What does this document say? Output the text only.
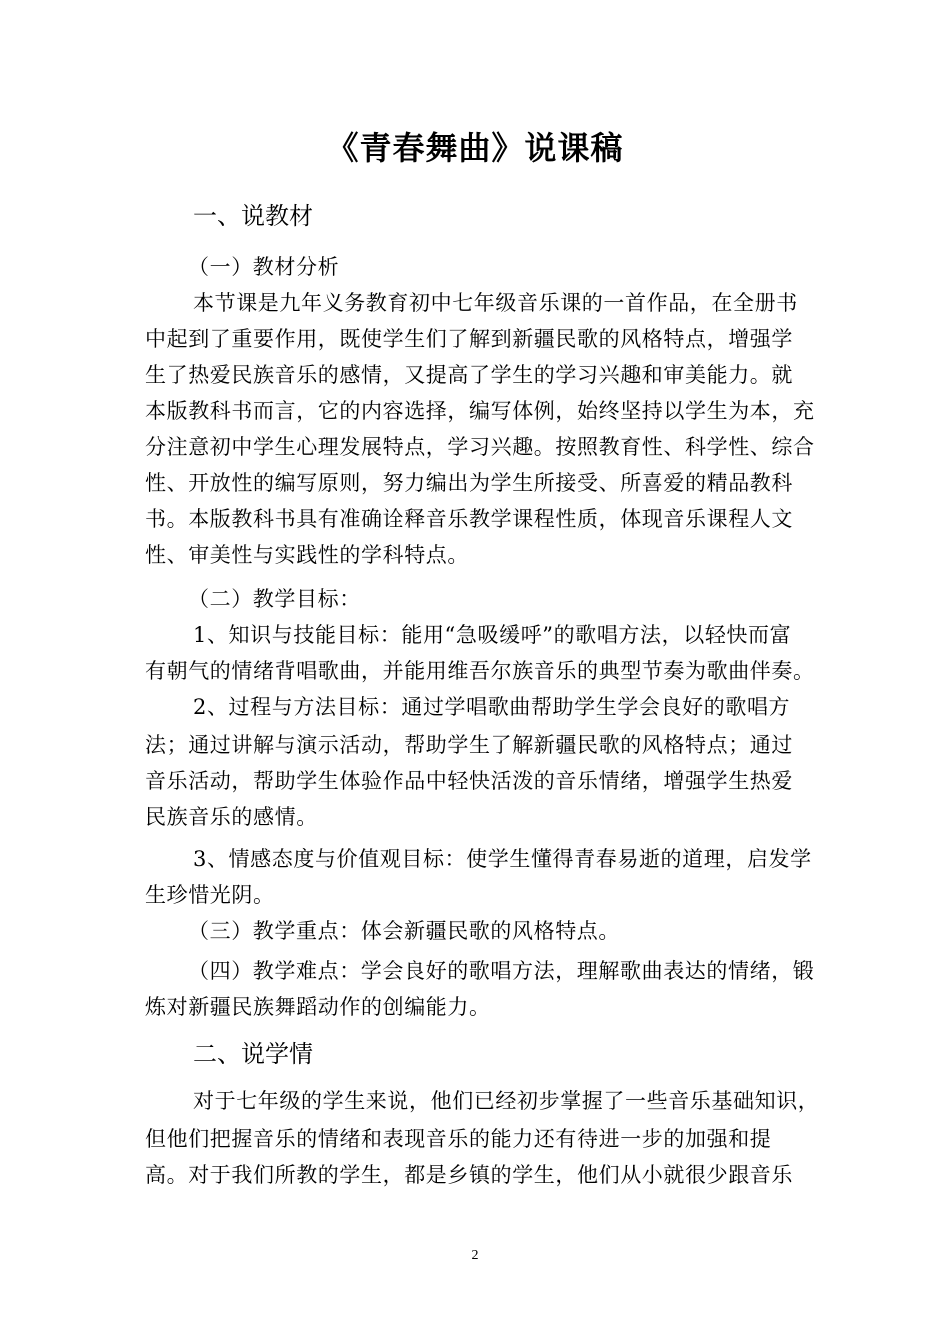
《青春舞曲》说课稿
一、说教材
（一）教材分析
本节课是九年义务教育初中七年级音乐课的一首作品，在全册书
中起到了重要作用，既使学生们了解到新疆民歌的风格特点，增强学
生了热爱民族音乐的感情，又提高了学生的学习兴趣和审美能力。就
本版教科书而言，它的内容选择，编写体例，始终坚持以学生为本，充
分注意初中学生心理发展特点，学习兴趣。按照教育性、科学性、综合
性、开放性的编写原则，努力编出为学生所接受、所喜爱的精品教科
书。本版教科书具有准确诠释音乐教学课程性质，体现音乐课程人文
性、审美性与实践性的学科特点。
（二）教学目标：
1、知识与技能目标：能用“急吸缓呼”的歌唱方法，以轻快而富
有朝气的情绪背唱歌曲，并能用维吾尔族音乐的典型节奏为歌曲伴奏。
2、过程与方法目标：通过学唱歌曲帮助学生学会良好的歌唱方
法；通过讲解与演示活动，帮助学生了解新疆民歌的风格特点；通过
音乐活动，帮助学生体验作品中轻快活泼的音乐情绪，增强学生热爱
民族音乐的感情。
3、情感态度与价值观目标：使学生懂得青春易逝的道理，启发学
生珍惜光阴。
（三）教学重点：体会新疆民歌的风格特点。
（四）教学难点：学会良好的歌唱方法，理解歌曲表达的情绪，锻
炼对新疆民族舞蹈动作的创编能力。
二、说学情
对于七年级的学生来说，他们已经初步掌握了一些音乐基础知识，
但他们把握音乐的情绪和表现音乐的能力还有待进一步的加强和提
高。对于我们所教的学生，都是乡镇的学生，他们从小就很少跟音乐
2
